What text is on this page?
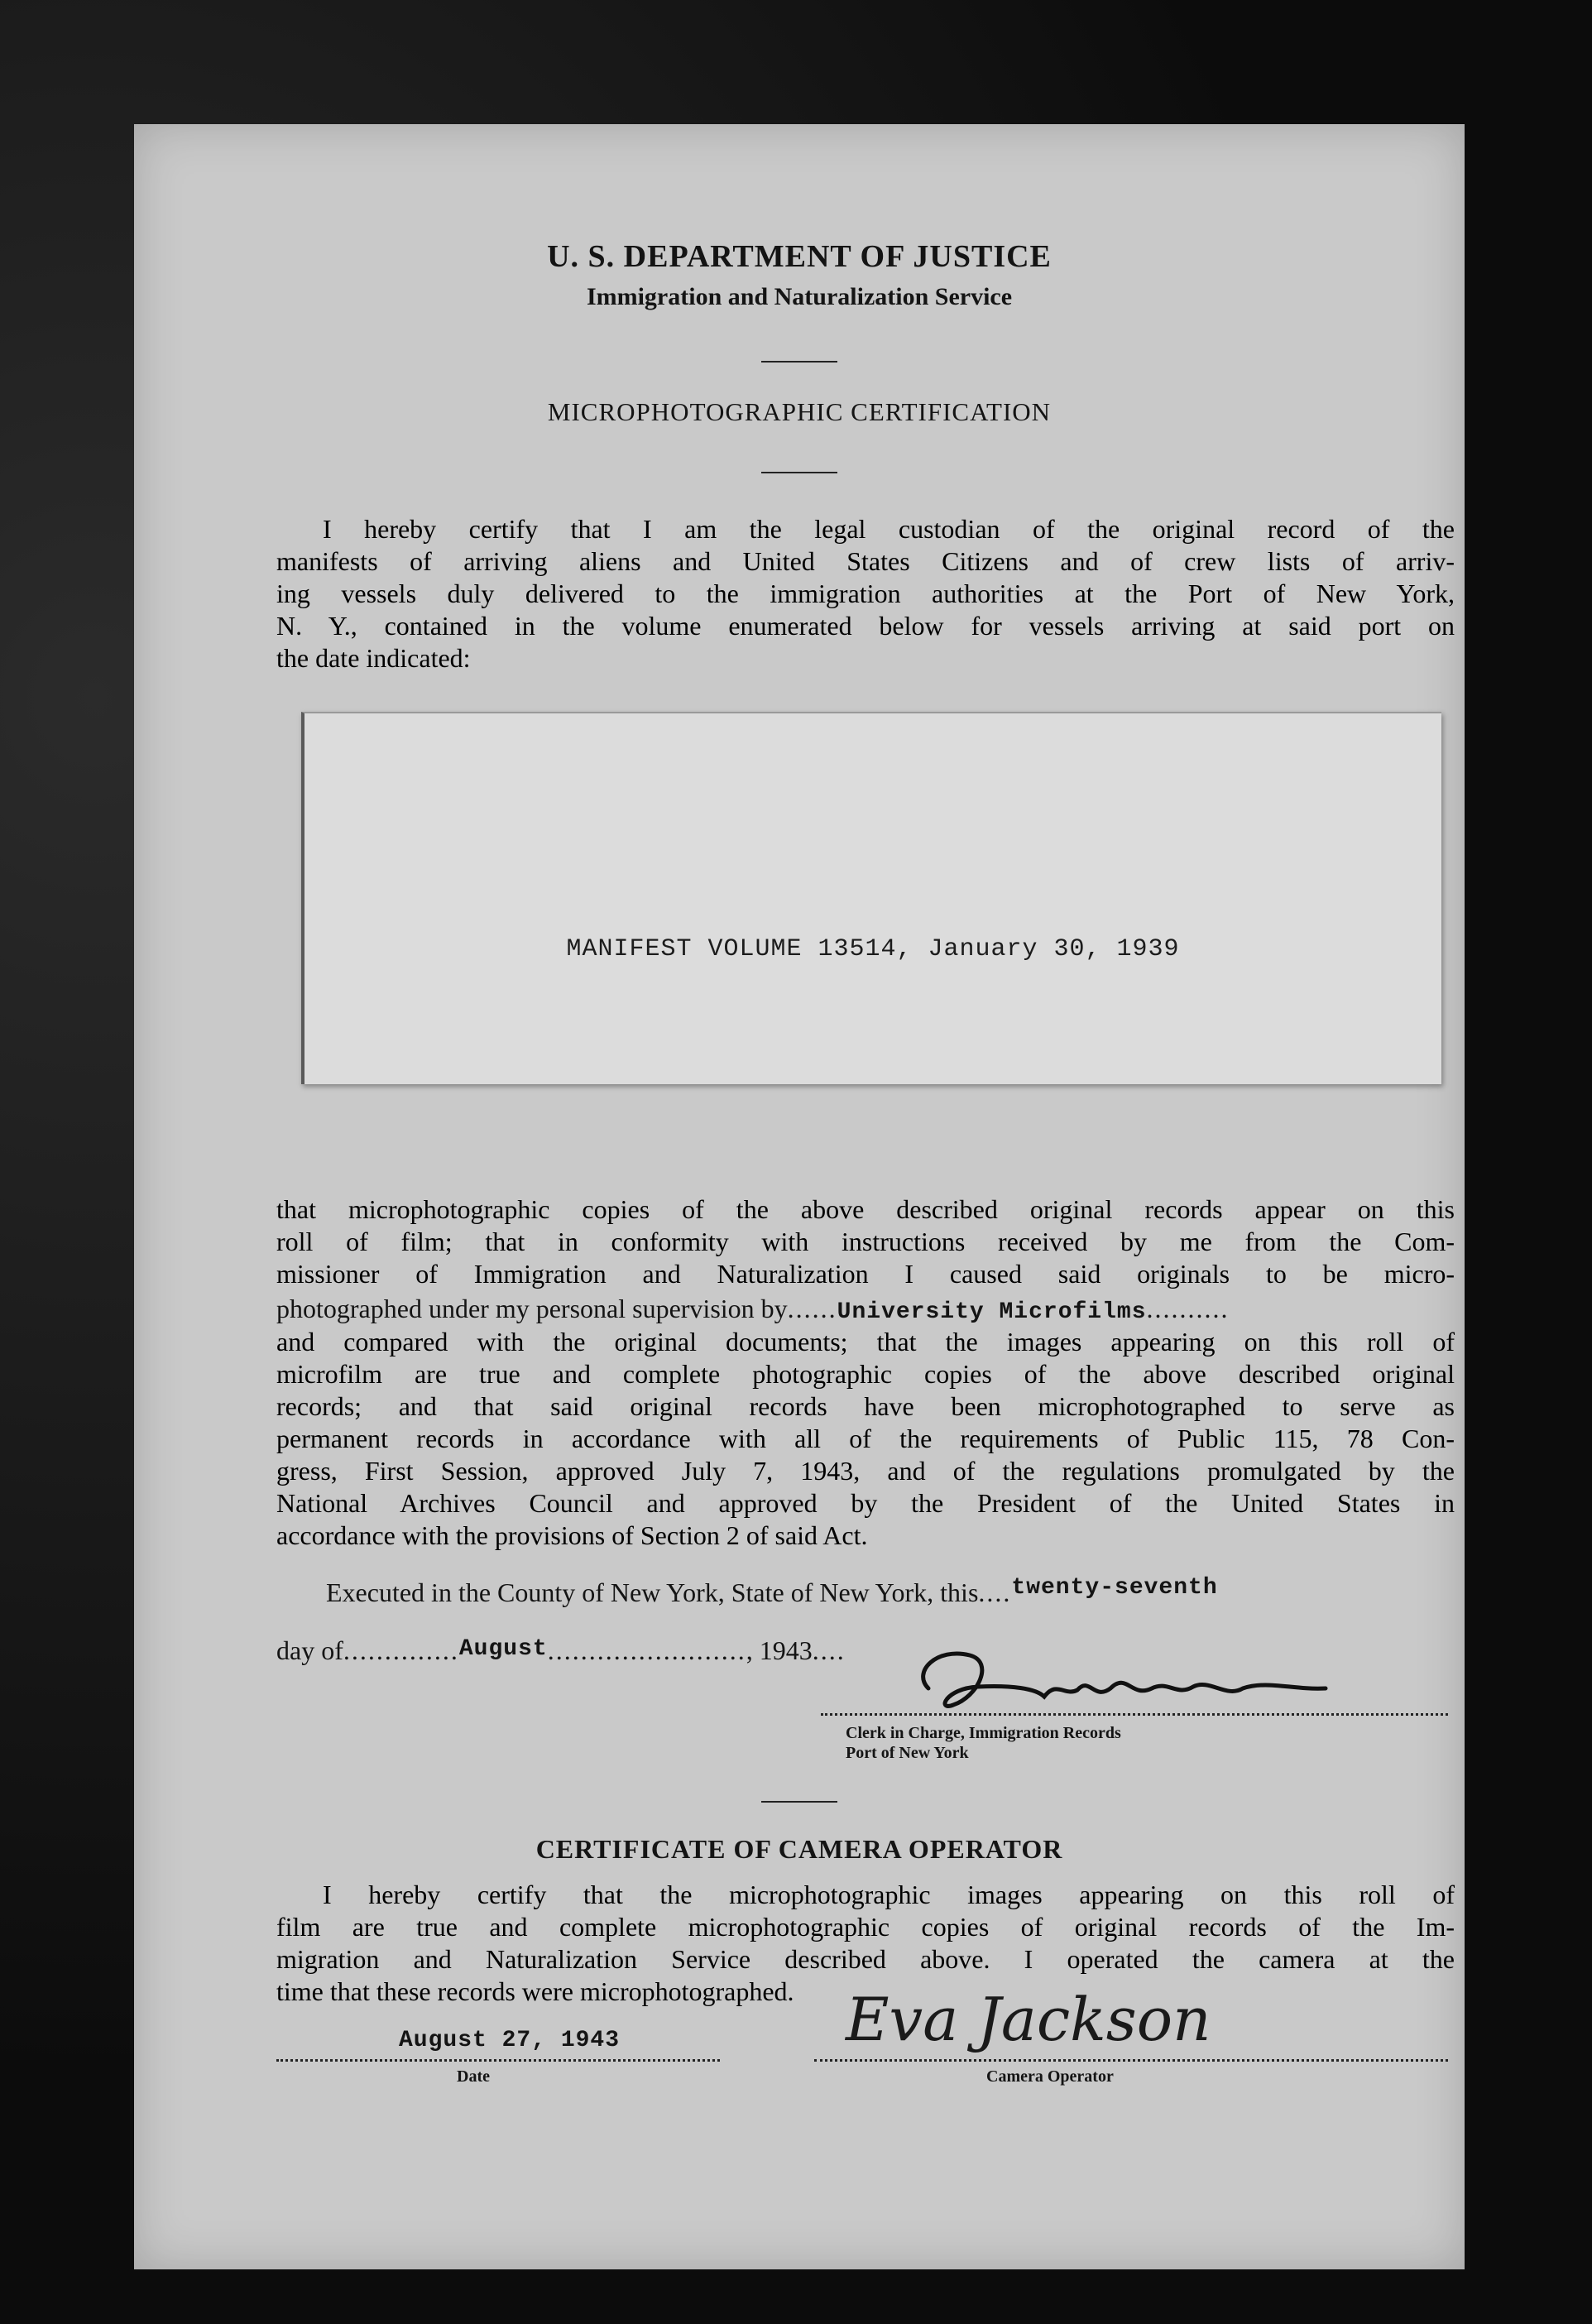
U. S. DEPARTMENT OF JUSTICE
Immigration and Naturalization Service
MICROPHOTOGRAPHIC CERTIFICATION
I hereby certify that I am the legal custodian of the original record of the
manifests of arriving aliens and United States Citizens and of crew lists of arriv-
ing vessels duly delivered to the immigration authorities at the Port of New York,
N. Y., contained in the volume enumerated below for vessels arriving at said port on
the date indicated:
MANIFEST VOLUME 13514, January 30, 1939
that microphotographic copies of the above described original records appear on this
roll of film; that in conformity with instructions received by me from the Com-
missioner of Immigration and Naturalization I caused said originals to be micro-
photographed under my personal supervision by......University Microfilms..........
and compared with the original documents; that the images appearing on this roll of
microfilm are true and complete photographic copies of the above described original
records; and that said original records have been microphotographed to serve as
permanent records in accordance with all of the requirements of Public 115, 78 Con-
gress, First Session, approved July 7, 1943, and of the regulations promulgated by the
National Archives Council and approved by the President of the United States in
accordance with the provisions of Section 2 of said Act.
Executed in the County of New York, State of New York, this....twenty-seventh
day of..............August........................, 1943....
Clerk in Charge, Immigration Records
Port of New York
CERTIFICATE OF CAMERA OPERATOR
I hereby certify that the microphotographic images appearing on this roll of
film are true and complete microphotographic copies of original records of the Im-
migration and Naturalization Service described above. I operated the camera at the
time that these records were microphotographed.
August 27, 1943
Date
Eva Jackson
Camera Operator
